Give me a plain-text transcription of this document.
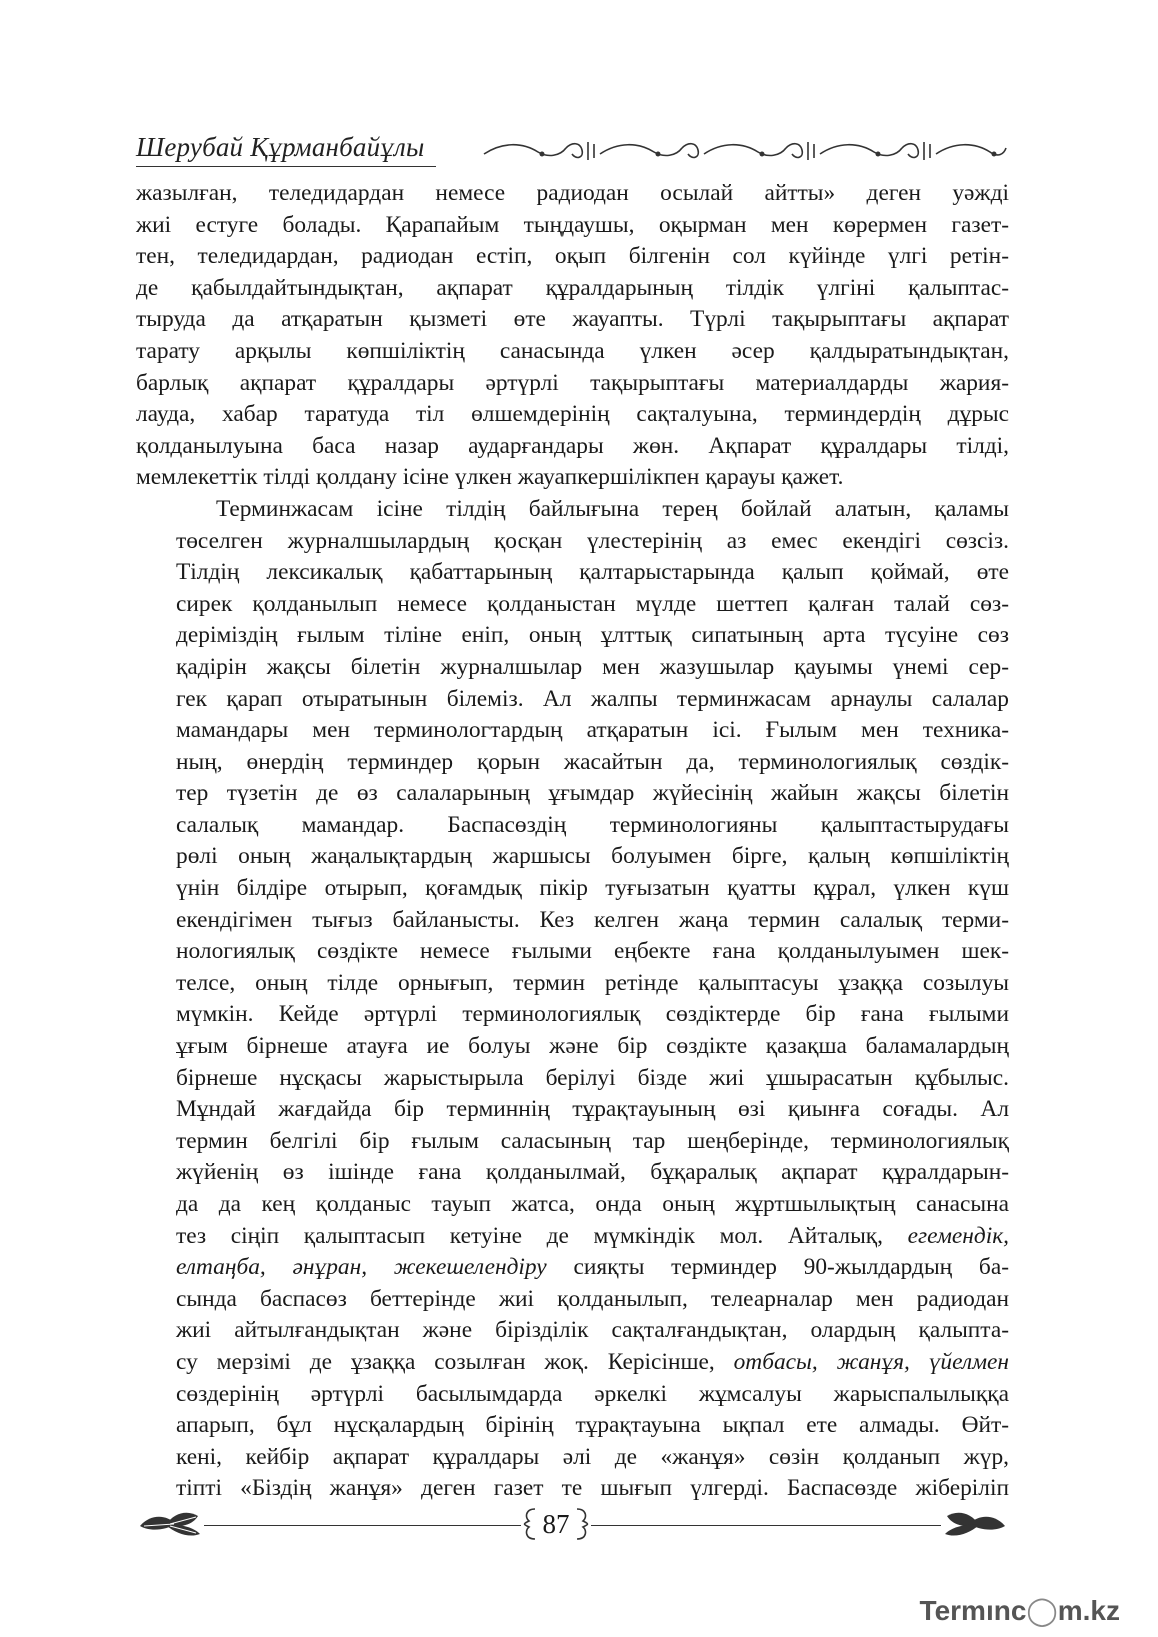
Шерубай Құрманбайұлы

жазылған, теледидардан немесе радиодан осылай айтты» деген уәжді
жиі естуге болады. Қарапайым тыңдаушы, оқырман мен көрермен газет-
тен, теледидардан, радиодан естіп, оқып білгенін сол күйінде үлгі ретін-
де қабылдайтындықтан, ақпарат құралдарының тілдік үлгіні қалыптас-
тыруда да атқаратын қызметі өте жауапты. Түрлі тақырыптағы ақпарат
тарату арқылы көпшіліктің санасында үлкен әсер қалдыратындықтан,
барлық ақпарат құралдары әртүрлі тақырыптағы материалдарды жария-
лауда, хабар таратуда тіл өлшемдерінің сақталуына, терминдердің дұрыс
қолданылуына баса назар аударғандары жөн. Ақпарат құралдары тілді,
мемлекеттік тілді қолдану ісіне үлкен жауапкершілікпен қарауы қажет.

Терминжасам ісіне тілдің байлығына терең бойлай алатын, қаламы
төселген журналшылардың қосқан үлестерінің аз емес екендігі сөзсіз.
Тілдің лексикалық қабаттарының қалтарыстарында қалып қоймай, өте
сирек қолданылып немесе қолданыстан мүлде шеттеп қалған талай сөз-
деріміздің ғылым тіліне еніп, оның ұлттық сипатының арта түсуіне сөз
қадірін жақсы білетін журналшылар мен жазушылар қауымы үнемі сер-
гек қарап отыратынын білеміз. Ал жалпы терминжасам арнаулы салалар
мамандары мен терминологтардың атқаратын ісі. Ғылым мен техника-
ның, өнердің терминдер қорын жасайтын да, терминологиялық сөздік-
тер түзетін де өз салаларының ұғымдар жүйесінің жайын жақсы білетін
салалық мамандар. Баспасөздің терминологияны қалыптастырудағы
рөлі оның жаңалықтардың жаршысы болуымен бірге, қалың көпшіліктің
үнін білдіре отырып, қоғамдық пікір туғызатын қуатты құрал, үлкен күш
екендігімен тығыз байланысты. Кез келген жаңа термин салалық терми-
нологиялық сөздікте немесе ғылыми еңбекте ғана қолданылуымен шек-
телсе, оның тілде орнығып, термин ретінде қалыптасуы ұзаққа созылуы
мүмкін. Кейде әртүрлі терминологиялық сөздіктерде бір ғана ғылыми
ұғым бірнеше атауға ие болуы және бір сөздікте қазақша баламалардың
бірнеше нұсқасы жарыстырыла берілуі бізде жиі ұшырасатын құбылыс.
Мұндай жағдайда бір терминнің тұрақтауының өзі қиынға соғады. Ал
термин белгілі бір ғылым саласының тар шеңберінде, терминологиялық
жүйенің өз ішінде ғана қолданылмай, бұқаралық ақпарат құралдарын-
да да кең қолданыс тауып жатса, онда оның жұртшылықтың санасына
тез сіңіп қалыптасып кетуіне де мүмкіндік мол. Айталық, егемендік,
елтаңба, әнұран, жекешелендіру сияқты терминдер 90-жылдардың ба-
сында баспасөз беттерінде жиі қолданылып, телеарналар мен радиодан
жиі айтылғандықтан және бірізділік сақталғандықтан, олардың қалыпта-
су мерзімі де ұзаққа созылған жоқ. Керісінше, отбасы, жанұя, үйелмен
сөздерінің әртүрлі басылымдарда әркелкі жұмсалуы жарыспалылыққа
апарып, бұл нұсқалардың бірінің тұрақтауына ықпал ете алмады. Өйт-
кені, кейбір ақпарат құралдары әлі де «жанұя» сөзін қолданып жүр,
тіпті «Біздің жанұя» деген газет те шығып үлгерді. Баспасөзде жіберіліп

87
Termınc◯m.kz
